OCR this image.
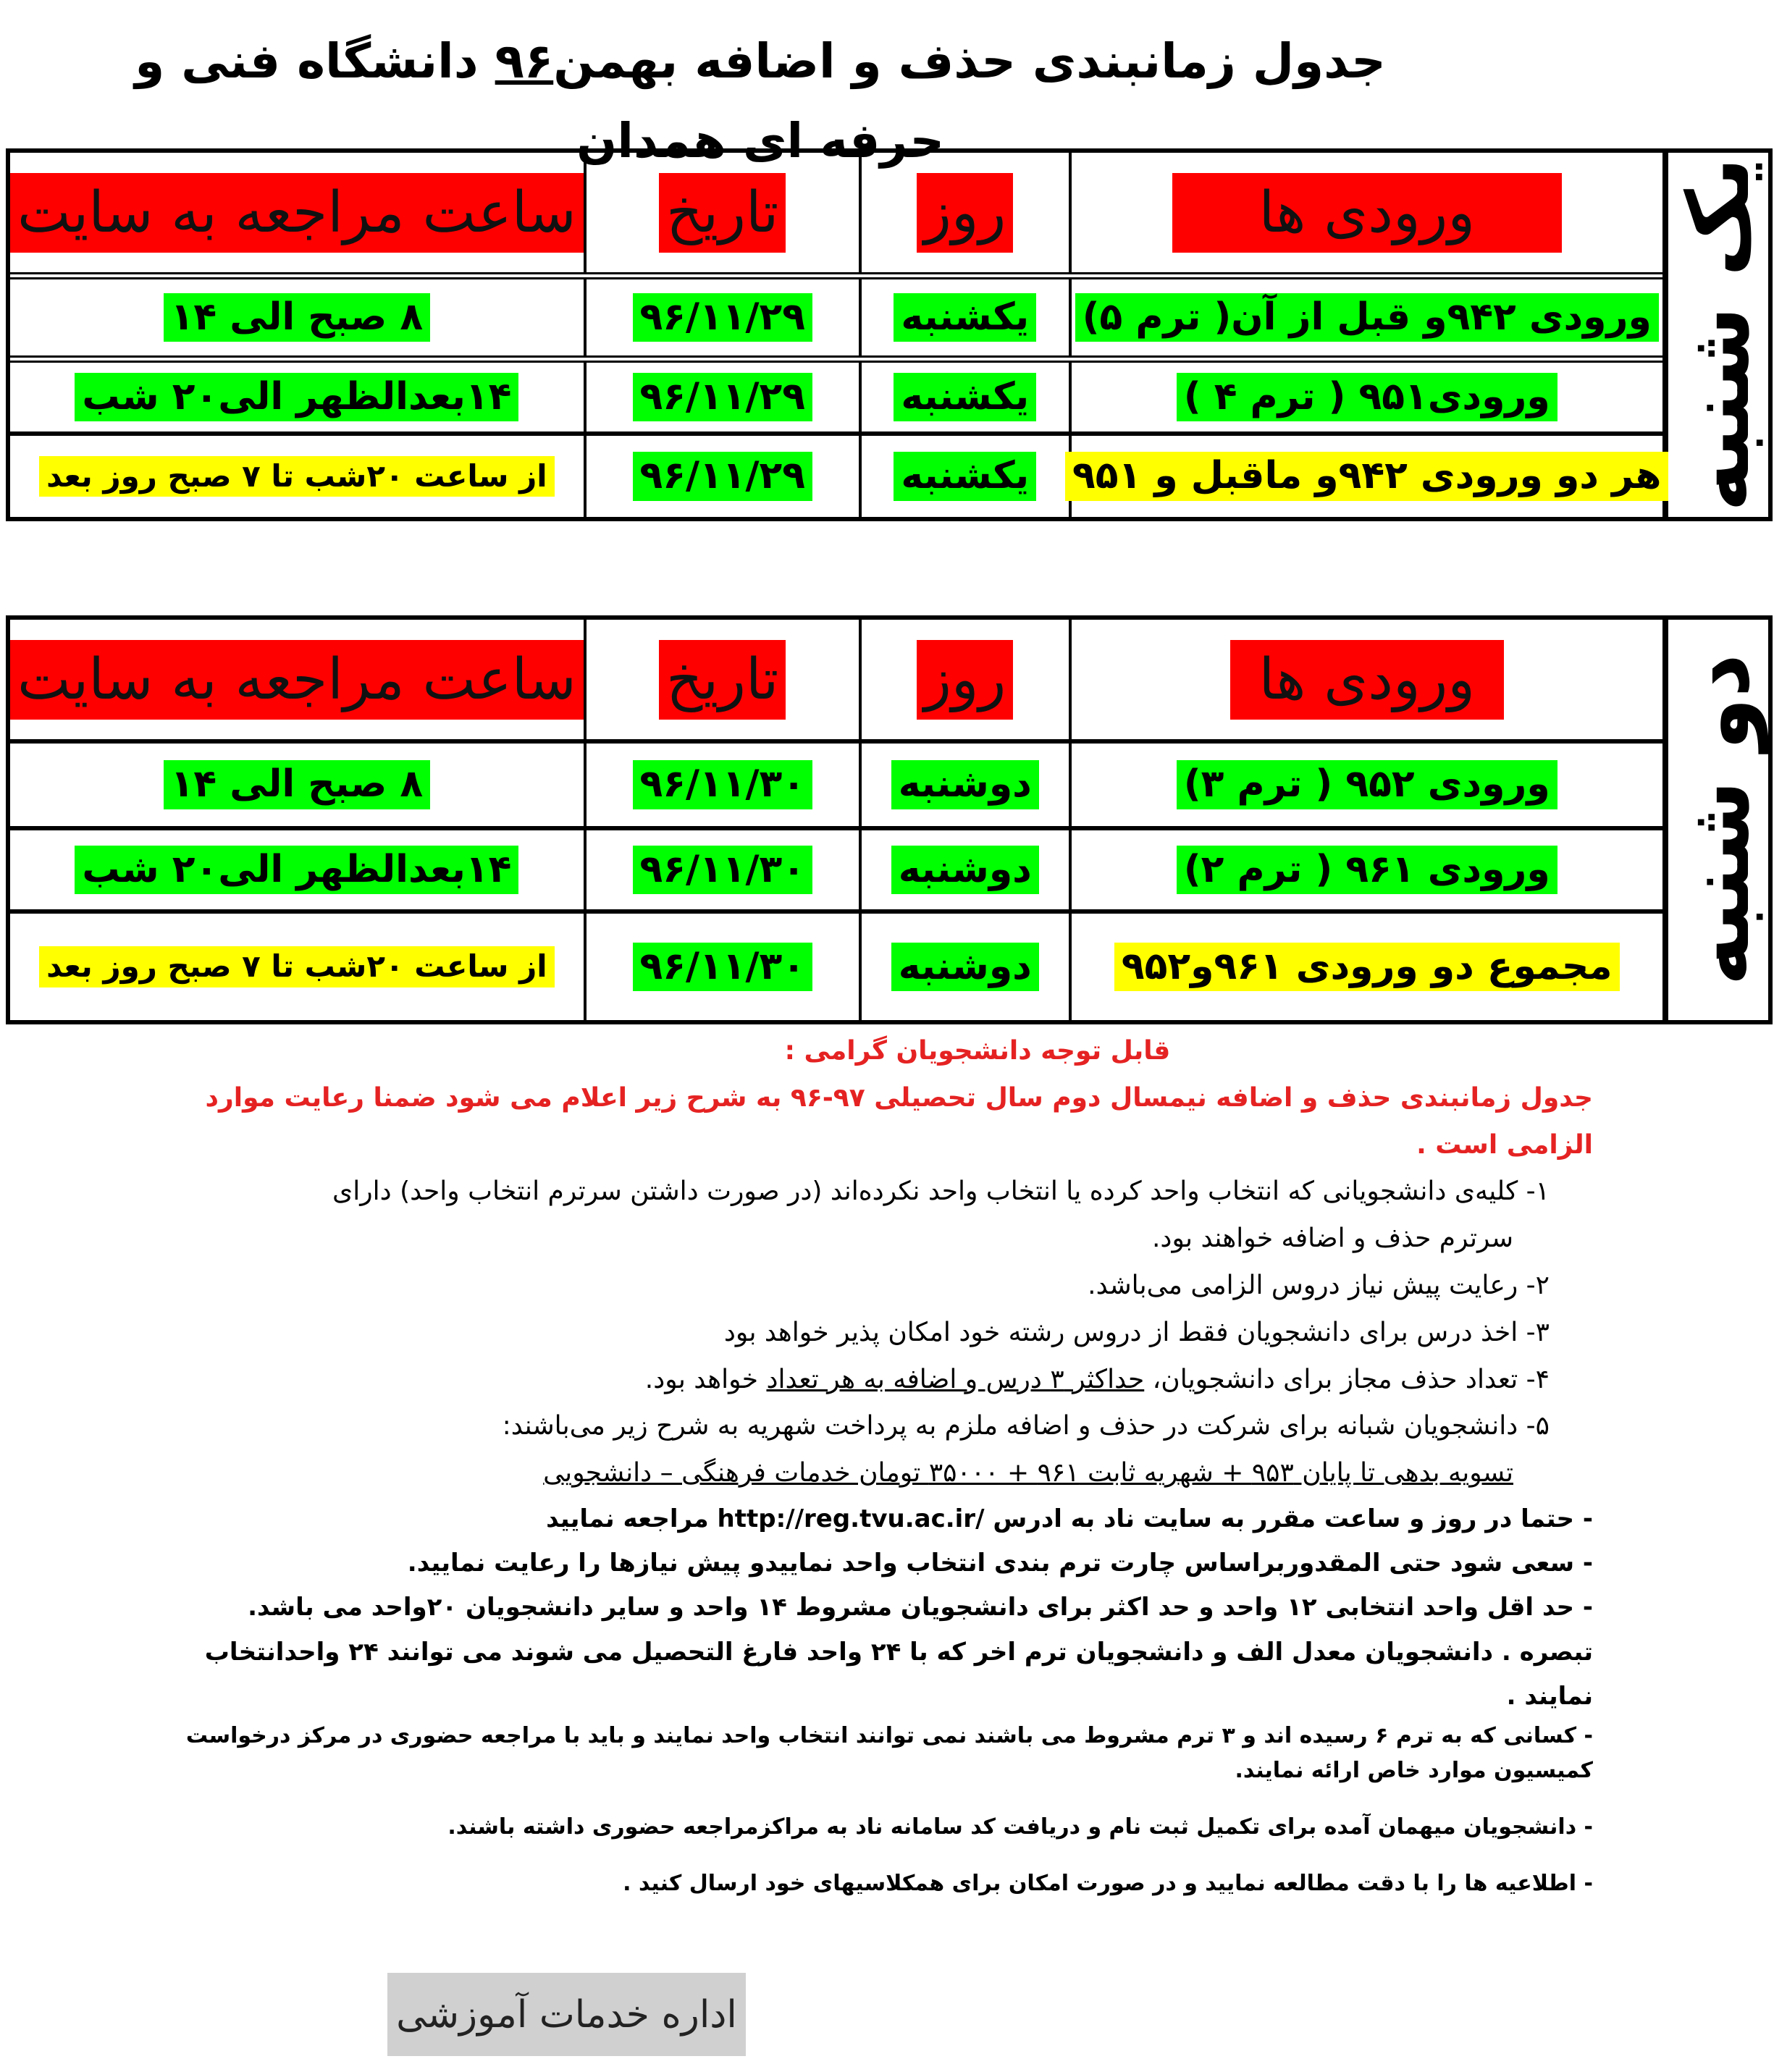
جدول زمانبندی حذف و اضافه بهمن۹۶ دانشگاه فنی و حرفه ای همدان
یک شنبه
ورودی ها
روز
تاریخ
ساعت مراجعه به سایت
ورودی ۹۴۲و قبل از آن( ترم ۵)
یکشنبه
۹۶/۱۱/۲۹
۸ صبح الی ۱۴
ورودی۹۵۱ ( ترم ۴ )
یکشنبه
۹۶/۱۱/۲۹
۱۴بعدالظهر الی۲۰ شب
هر دو ورودی ۹۴۲و ماقبل و ۹۵۱
یکشنبه
۹۶/۱۱/۲۹
از ساعت ۲۰شب تا ۷ صبح روز بعد
دو شنبه
ورودی ها
روز
تاریخ
ساعت مراجعه به سایت
ورودی ۹۵۲ ( ترم ۳)
دوشنبه
۹۶/۱۱/۳۰
۸ صبح الی ۱۴
ورودی ۹۶۱ ( ترم ۲)
دوشنبه
۹۶/۱۱/۳۰
۱۴بعدالظهر الی۲۰ شب
مجموع دو ورودی ۹۶۱و۹۵۲
دوشنبه
۹۶/۱۱/۳۰
از ساعت ۲۰شب تا ۷ صبح روز بعد

قابل توجه دانشجویان گرامی :

جدول زمانبندی حذف و اضافه نیمسال دوم سال تحصیلی ۹۷-۹۶ به شرح زیر اعلام می شود ضمنا رعایت موارد الزامی است .

۱- کلیه‌ی دانشجویانی که انتخاب واحد کرده یا انتخاب واحد نکرده‌اند (در صورت داشتن سرترم انتخاب واحد) دارای

سرترم حذف و اضافه خواهند بود.

۲- رعایت پیش نیاز دروس الزامی می‌باشد.

۳- اخذ درس برای دانشجویان فقط از دروس رشته خود امکان پذیر خواهد بود

۴- تعداد حذف مجاز برای دانشجویان، حداکثر ۳ درس و اضافه به هر تعداد خواهد بود.

۵- دانشجویان شبانه برای شرکت در حذف و اضافه ملزم به پرداخت شهریه به شرح زیر می‌باشند:

تسویه بدهی تا پایان ۹۵۳ + شهریه ثابت ۹۶۱ + ۳۵۰۰۰ تومان خدمات فرهنگی – دانشجویی

- حتما در روز و ساعت مقرر به سایت ناد به ادرس /http://reg.tvu.ac.ir مراجعه نمایید

- سعی شود حتی المقدوربراساس چارت ترم بندی انتخاب واحد نماییدو پیش نیازها را رعایت نمایید.

- حد اقل واحد انتخابی ۱۲ واحد و حد اکثر برای دانشجویان مشروط ۱۴ واحد و سایر دانشجویان ۲۰واحد می باشد.

تبصره . دانشجویان معدل الف و دانشجویان ترم اخر که با ۲۴ واحد فارغ التحصیل می شوند می توانند ۲۴ واحدانتخاب نمایند .

- کسانی که به ترم ۶ رسیده اند و ۳ ترم مشروط می باشند نمی توانند انتخاب واحد نمایند و باید با مراجعه حضوری در مرکز درخواست

کمیسیون موارد خاص ارائه نمایند.

- دانشجویان میهمان آمده برای تکمیل ثبت نام و دریافت کد سامانه ناد به مراکزمراجعه حضوری داشته باشند.

- اطلاعیه ها را با دقت مطالعه نمایید و در صورت امکان برای همکلاسیهای خود ارسال کنید .

اداره خدمات آموزشی
